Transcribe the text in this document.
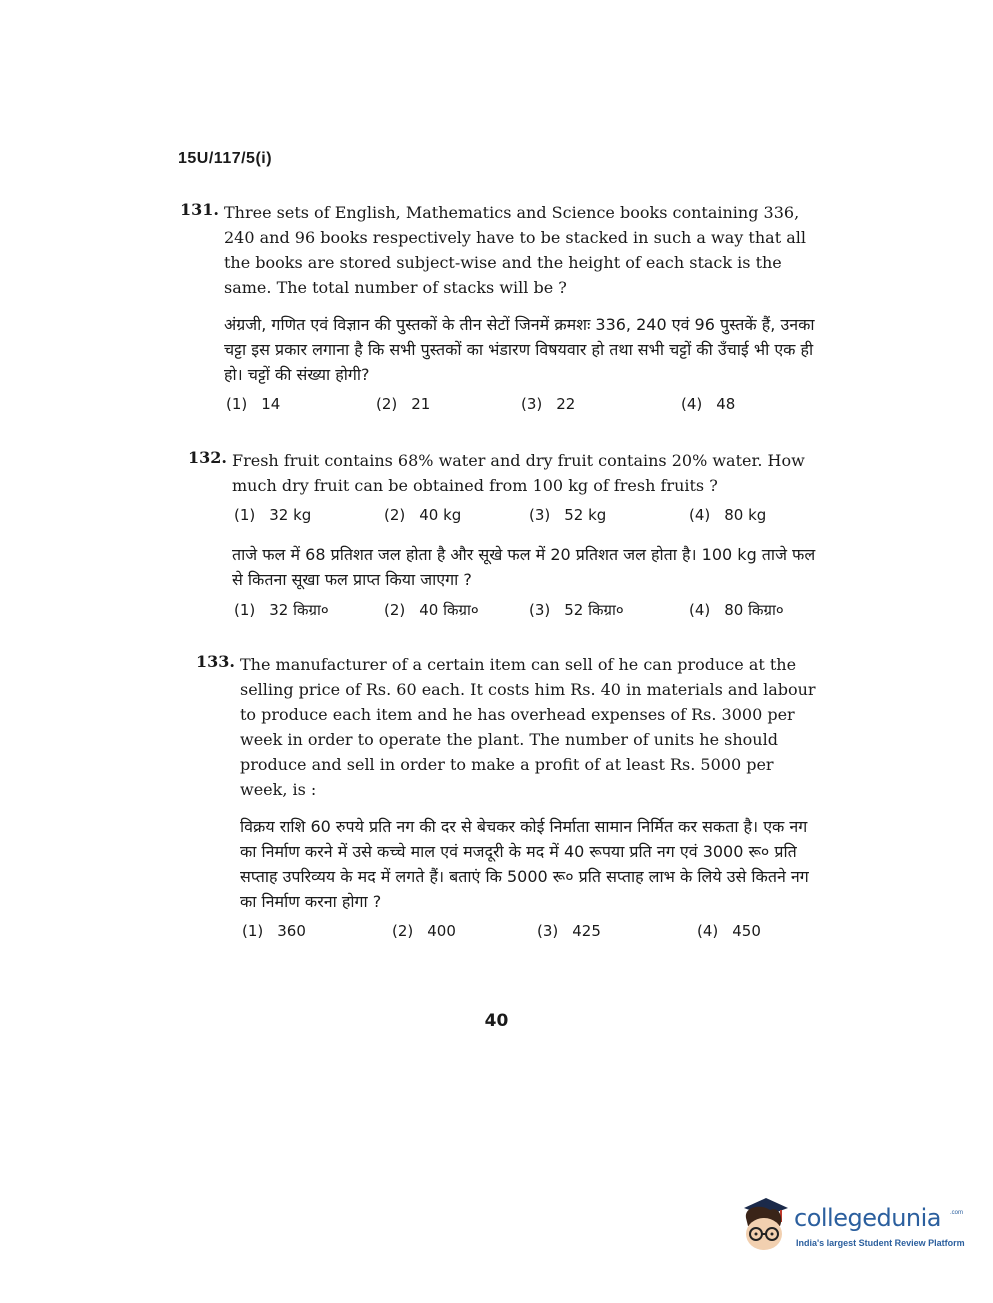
15U/117/5(i)
131. Three sets of English, Mathematics and Science books containing 336, 240 and 96 books respectively have to be stacked in such a way that all the books are stored subject-wise and the height of each stack is the same. The total number of stacks will be ?
अंग्रजी, गणित एवं विज्ञान की पुस्तकों के तीन सेटों जिनमें क्रमशः 336, 240 एवं 96 पुस्तकें हैं, उनका चट्टा इस प्रकार लगाना है कि सभी पुस्तकों का भंडारण विषयवार हो तथा सभी चट्टों की उँचाई भी एक ही हो। चट्टों की संख्या होगी?
(1) 14	(2) 21	(3) 22	(4) 48
132. Fresh fruit contains 68% water and dry fruit contains 20% water. How much dry fruit can be obtained from 100 kg of fresh fruits ?
(1) 32 kg	(2) 40 kg	(3) 52 kg	(4) 80 kg
ताजे फल में 68 प्रतिशत जल होता है और सूखे फल में 20 प्रतिशत जल होता है। 100 kg ताजे फल से कितना सूखा फल प्राप्त किया जाएगा ?
(1) 32 किग्रा०	(2) 40 किग्रा०	(3) 52 किग्रा०	(4) 80 किग्रा०
133. The manufacturer of a certain item can sell of he can produce at the selling price of Rs. 60 each. It costs him Rs. 40 in materials and labour to produce each item and he has overhead expenses of Rs. 3000 per week in order to operate the plant. The number of units he should produce and sell in order to make a profit of at least Rs. 5000 per week, is :
विक्रय राशि 60 रुपये प्रति नग की दर से बेचकर कोई निर्माता सामान निर्मित कर सकता है। एक नग का निर्माण करने में उसे कच्चे माल एवं मजदूरी के मद में 40 रूपया प्रति नग एवं 3000 रू० प्रति सप्ताह उपरिव्यय के मद में लगते हैं। बताएं कि 5000 रू० प्रति सप्ताह लाभ के लिये उसे कितने नग का निर्माण करना होगा ?
(1) 360	(2) 400	(3) 425	(4) 450
40
collegedunia .com
India's largest Student Review Platform
